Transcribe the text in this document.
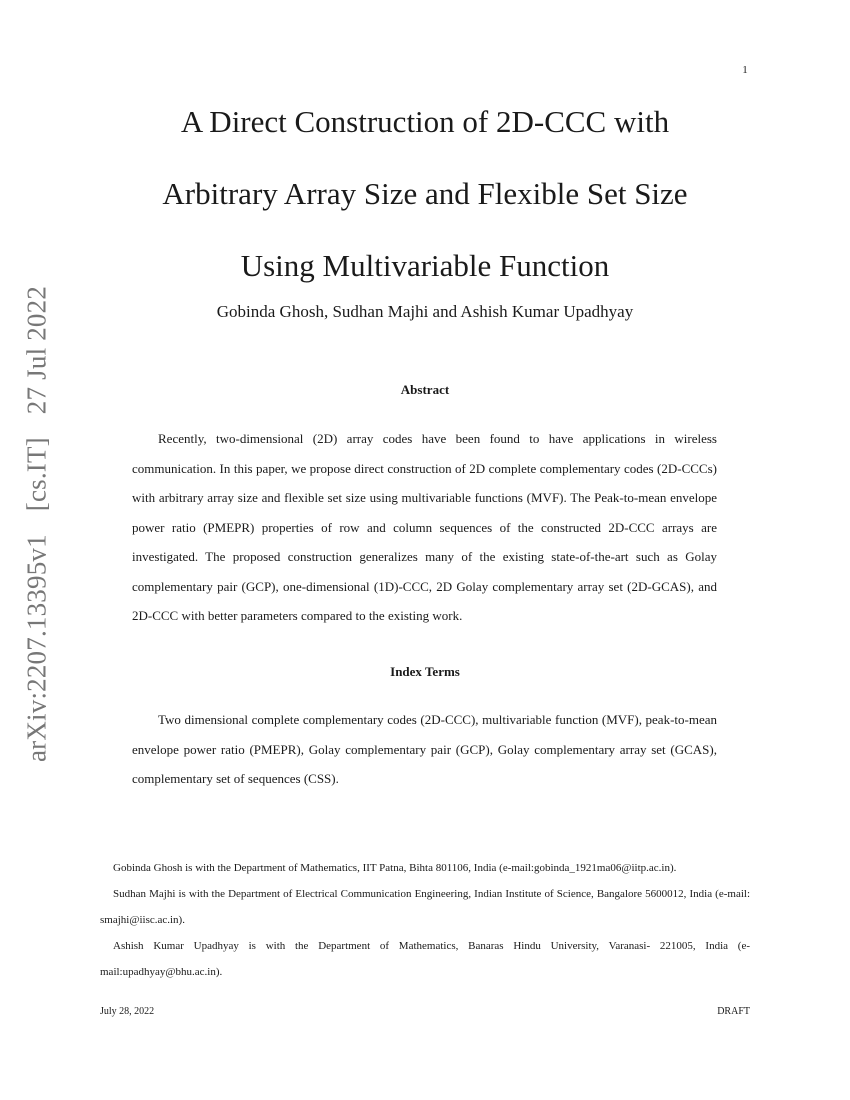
1
arXiv:2207.13395v1 [cs.IT] 27 Jul 2022
A Direct Construction of 2D-CCC with
Arbitrary Array Size and Flexible Set Size
Using Multivariable Function
Gobinda Ghosh, Sudhan Majhi and Ashish Kumar Upadhyay
Abstract

Recently, two-dimensional (2D) array codes have been found to have applications in wireless communication. In this paper, we propose direct construction of 2D complete complementary codes (2D-CCCs) with arbitrary array size and flexible set size using multivariable functions (MVF). The Peak-to-mean envelope power ratio (PMEPR) properties of row and column sequences of the constructed 2D-CCC arrays are investigated. The proposed construction generalizes many of the existing state-of-the-art such as Golay complementary pair (GCP), one-dimensional (1D)-CCC, 2D Golay complementary array set (2D-GCAS), and 2D-CCC with better parameters compared to the existing work.

Index Terms

Two dimensional complete complementary codes (2D-CCC), multivariable function (MVF), peak-to-mean envelope power ratio (PMEPR), Golay complementary pair (GCP), Golay complementary array set (GCAS), complementary set of sequences (CSS).

Gobinda Ghosh is with the Department of Mathematics, IIT Patna, Bihta 801106, India (e-mail:gobinda_1921ma06@iitp.ac.in).

Sudhan Majhi is with the Department of Electrical Communication Engineering, Indian Institute of Science, Bangalore 5600012, India (e-mail: smajhi@iisc.ac.in).

Ashish Kumar Upadhyay is with the Department of Mathematics, Banaras Hindu University, Varanasi- 221005, India (e-mail:upadhyay@bhu.ac.in).

July 28, 2022	DRAFT
